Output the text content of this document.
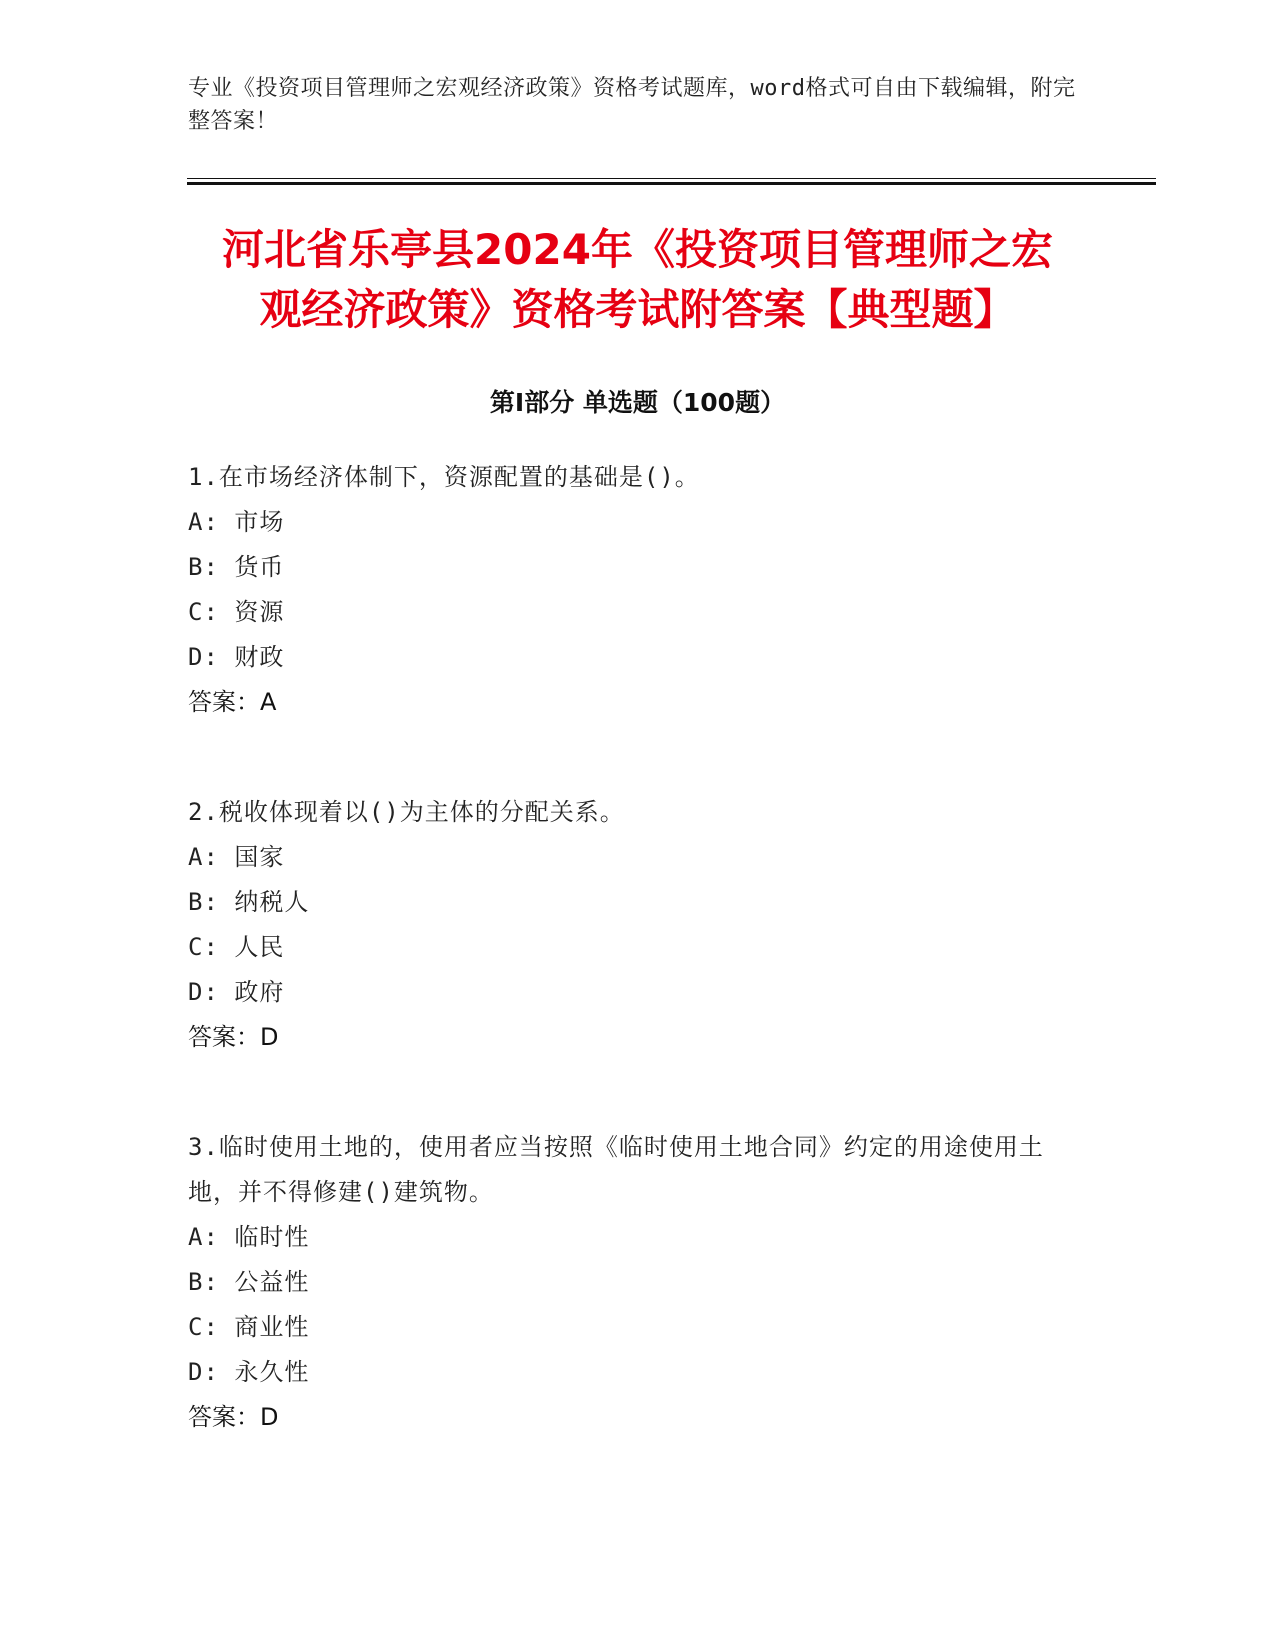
专业《投资项目管理师之宏观经济政策》资格考试题库，word格式可自由下载编辑，附完整答案！
河北省乐亭县2024年《投资项目管理师之宏
观经济政策》资格考试附答案【典型题】
第Ⅰ部分 单选题（100题）
1.在市场经济体制下，资源配置的基础是()。
A: 市场
B: 货币
C: 资源
D: 财政
答案：A
2.税收体现着以()为主体的分配关系。
A: 国家
B: 纳税人
C: 人民
D: 政府
答案：D
3.临时使用土地的，使用者应当按照《临时使用土地合同》约定的用途使用土地，并不得修建()建筑物。
A: 临时性
B: 公益性
C: 商业性
D: 永久性
答案：D
